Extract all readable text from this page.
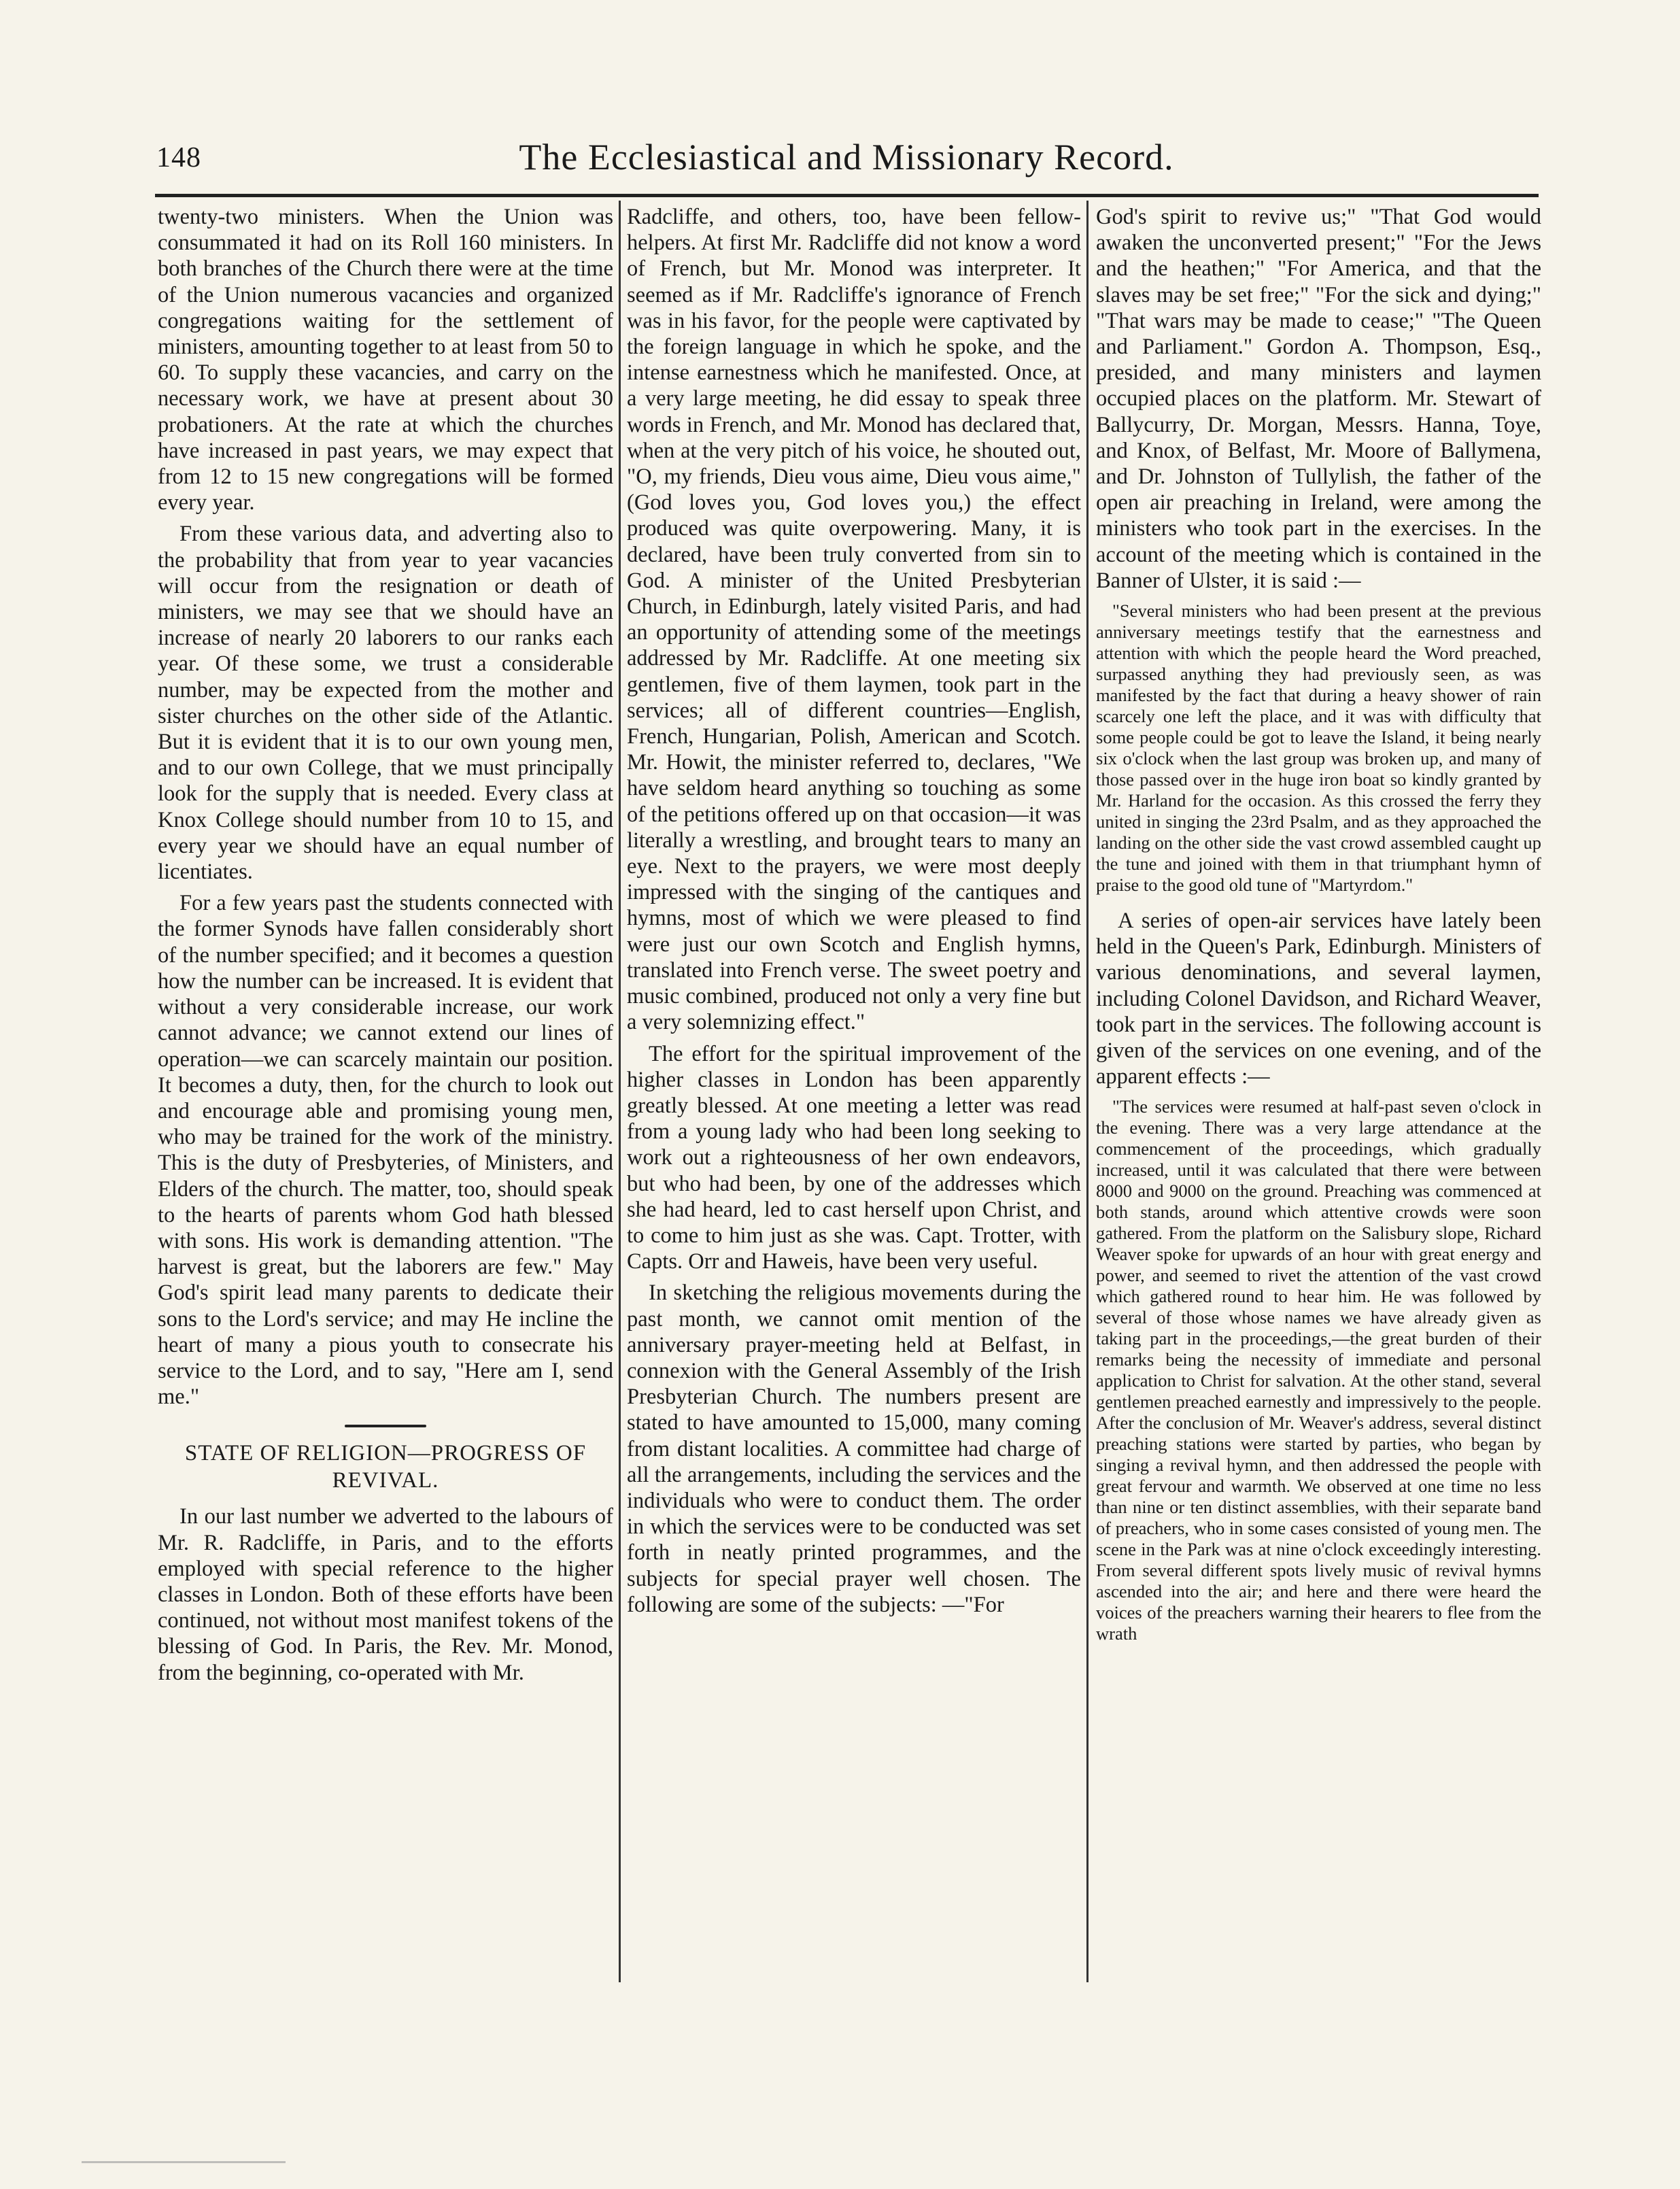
148	The Ecclesiastical and Missionary Record.

twenty-two ministers. When the Union was consummated it had on its Roll 160 ministers. In both branches of the Church there were at the time of the Union numerous vacancies and organized congregations waiting for the settlement of ministers, amounting together to at least from 50 to 60. To supply these vacancies, and carry on the necessary work, we have at present about 30 probationers. At the rate at which the churches have increased in past years, we may expect that from 12 to 15 new congregations will be formed every year.

From these various data, and adverting also to the probability that from year to year vacancies will occur from the resignation or death of ministers, we may see that we should have an increase of nearly 20 laborers to our ranks each year. Of these some, we trust a considerable number, may be expected from the mother and sister churches on the other side of the Atlantic. But it is evident that it is to our own young men, and to our own College, that we must principally look for the supply that is needed. Every class at Knox College should number from 10 to 15, and every year we should have an equal number of licentiates.

For a few years past the students connected with the former Synods have fallen considerably short of the number specified; and it becomes a question how the number can be increased. It is evident that without a very considerable increase, our work cannot advance; we cannot extend our lines of operation—we can scarcely maintain our position. It becomes a duty, then, for the church to look out and encourage able and promising young men, who may be trained for the work of the ministry. This is the duty of Presbyteries, of Ministers, and Elders of the church. The matter, too, should speak to the hearts of parents whom God hath blessed with sons. His work is demanding attention. "The harvest is great, but the laborers are few." May God's spirit lead many parents to dedicate their sons to the Lord's service; and may He incline the heart of many a pious youth to consecrate his service to the Lord, and to say, "Here am I, send me."

STATE OF RELIGION—PROGRESS OF REVIVAL.

In our last number we adverted to the labours of Mr. R. Radcliffe, in Paris, and to the efforts employed with special reference to the higher classes in London. Both of these efforts have been continued, not without most manifest tokens of the blessing of God. In Paris, the Rev. Mr. Monod, from the beginning, co-operated with Mr.

Radcliffe, and others, too, have been fellow-helpers. At first Mr. Radcliffe did not know a word of French, but Mr. Monod was interpreter. It seemed as if Mr. Radcliffe's ignorance of French was in his favor, for the people were captivated by the foreign language in which he spoke, and the intense earnestness which he manifested. Once, at a very large meeting, he did essay to speak three words in French, and Mr. Monod has declared that, when at the very pitch of his voice, he shouted out, "O, my friends, Dieu vous aime, Dieu vous aime," (God loves you, God loves you,) the effect produced was quite overpowering. Many, it is declared, have been truly converted from sin to God. A minister of the United Presbyterian Church, in Edinburgh, lately visited Paris, and had an opportunity of attending some of the meetings addressed by Mr. Radcliffe. At one meeting six gentlemen, five of them laymen, took part in the services; all of different countries—English, French, Hungarian, Polish, American and Scotch. Mr. Howit, the minister referred to, declares, "We have seldom heard anything so touching as some of the petitions offered up on that occasion—it was literally a wrestling, and brought tears to many an eye. Next to the prayers, we were most deeply impressed with the singing of the cantiques and hymns, most of which we were pleased to find were just our own Scotch and English hymns, translated into French verse. The sweet poetry and music combined, produced not only a very fine but a very solemnizing effect."

The effort for the spiritual improvement of the higher classes in London has been apparently greatly blessed. At one meeting a letter was read from a young lady who had been long seeking to work out a righteousness of her own endeavors, but who had been, by one of the addresses which she had heard, led to cast herself upon Christ, and to come to him just as she was. Capt. Trotter, with Capts. Orr and Haweis, have been very useful.

In sketching the religious movements during the past month, we cannot omit mention of the anniversary prayer-meeting held at Belfast, in connexion with the General Assembly of the Irish Presbyterian Church. The numbers present are stated to have amounted to 15,000, many coming from distant localities. A committee had charge of all the arrangements, including the services and the individuals who were to conduct them. The order in which the services were to be conducted was set forth in neatly printed programmes, and the subjects for special prayer well chosen. The following are some of the subjects: —"For

God's spirit to revive us;" "That God would awaken the unconverted present;" "For the Jews and the heathen;" "For America, and that the slaves may be set free;" "For the sick and dying;" "That wars may be made to cease;" "The Queen and Parliament." Gordon A. Thompson, Esq., presided, and many ministers and laymen occupied places on the platform. Mr. Stewart of Ballycurry, Dr. Morgan, Messrs. Hanna, Toye, and Knox, of Belfast, Mr. Moore of Ballymena, and Dr. Johnston of Tullylish, the father of the open air preaching in Ireland, were among the ministers who took part in the exercises. In the account of the meeting which is contained in the Banner of Ulster, it is said :—

"Several ministers who had been present at the previous anniversary meetings testify that the earnestness and attention with which the people heard the Word preached, surpassed anything they had previously seen, as was manifested by the fact that during a heavy shower of rain scarcely one left the place, and it was with difficulty that some people could be got to leave the Island, it being nearly six o'clock when the last group was broken up, and many of those passed over in the huge iron boat so kindly granted by Mr. Harland for the occasion. As this crossed the ferry they united in singing the 23rd Psalm, and as they approached the landing on the other side the vast crowd assembled caught up the tune and joined with them in that triumphant hymn of praise to the good old tune of "Martyrdom."

A series of open-air services have lately been held in the Queen's Park, Edinburgh. Ministers of various denominations, and several laymen, including Colonel Davidson, and Richard Weaver, took part in the services. The following account is given of the services on one evening, and of the apparent effects :—

"The services were resumed at half-past seven o'clock in the evening. There was a very large attendance at the commencement of the proceedings, which gradually increased, until it was calculated that there were between 8000 and 9000 on the ground. Preaching was commenced at both stands, around which attentive crowds were soon gathered. From the platform on the Salisbury slope, Richard Weaver spoke for upwards of an hour with great energy and power, and seemed to rivet the attention of the vast crowd which gathered round to hear him. He was followed by several of those whose names we have already given as taking part in the proceedings,—the great burden of their remarks being the necessity of immediate and personal application to Christ for salvation. At the other stand, several gentlemen preached earnestly and impressively to the people. After the conclusion of Mr. Weaver's address, several distinct preaching stations were started by parties, who began by singing a revival hymn, and then addressed the people with great fervour and warmth. We observed at one time no less than nine or ten distinct assemblies, with their separate band of preachers, who in some cases consisted of young men. The scene in the Park was at nine o'clock exceedingly interesting. From several different spots lively music of revival hymns ascended into the air; and here and there were heard the voices of the preachers warning their hearers to flee from the wrath
